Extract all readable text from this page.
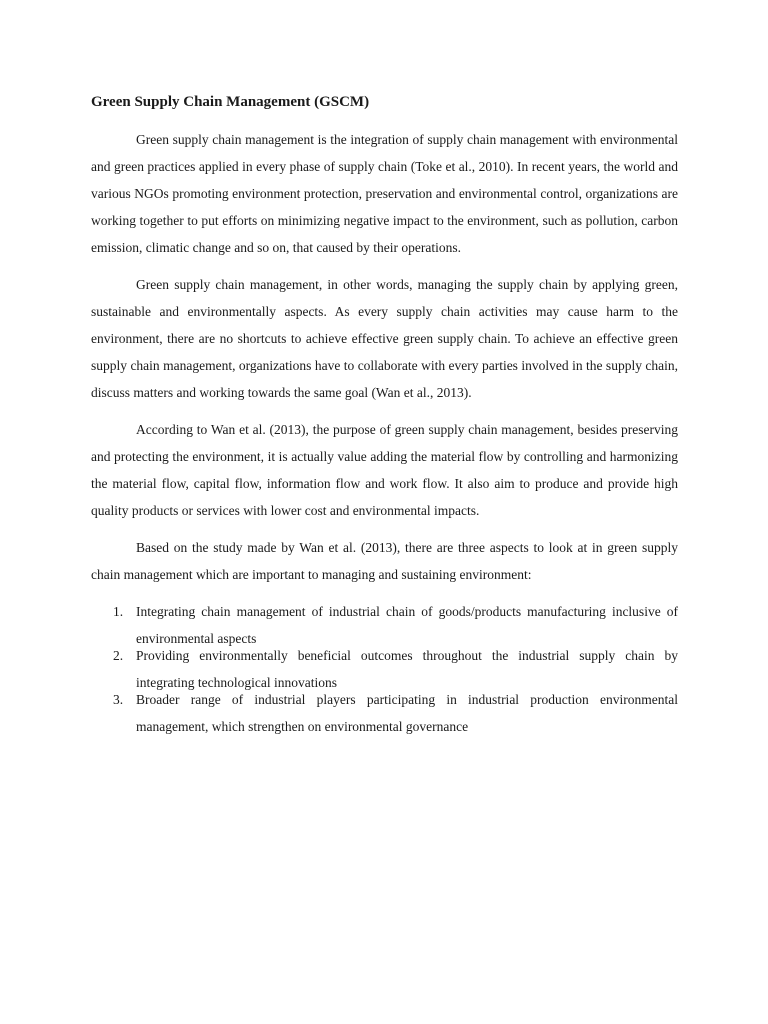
Green Supply Chain Management (GSCM)

Green supply chain management is the integration of supply chain management with environmental and green practices applied in every phase of supply chain (Toke et al., 2010). In recent years, the world and various NGOs promoting environment protection, preservation and environmental control, organizations are working together to put efforts on minimizing negative impact to the environment, such as pollution, carbon emission, climatic change and so on, that caused by their operations.

Green supply chain management, in other words, managing the supply chain by applying green, sustainable and environmentally aspects. As every supply chain activities may cause harm to the environment, there are no shortcuts to achieve effective green supply chain. To achieve an effective green supply chain management, organizations have to collaborate with every parties involved in the supply chain, discuss matters and working towards the same goal (Wan et al., 2013).

According to Wan et al. (2013), the purpose of green supply chain management, besides preserving and protecting the environment, it is actually value adding the material flow by controlling and harmonizing the material flow, capital flow, information flow and work flow. It also aim to produce and provide high quality products or services with lower cost and environmental impacts.

Based on the study made by Wan et al. (2013), there are three aspects to look at in green supply chain management which are important to managing and sustaining environment:

1. Integrating chain management of industrial chain of goods/products manufacturing inclusive of environmental aspects
2. Providing environmentally beneficial outcomes throughout the industrial supply chain by integrating technological innovations
3. Broader range of industrial players participating in industrial production environmental management, which strengthen on environmental governance
